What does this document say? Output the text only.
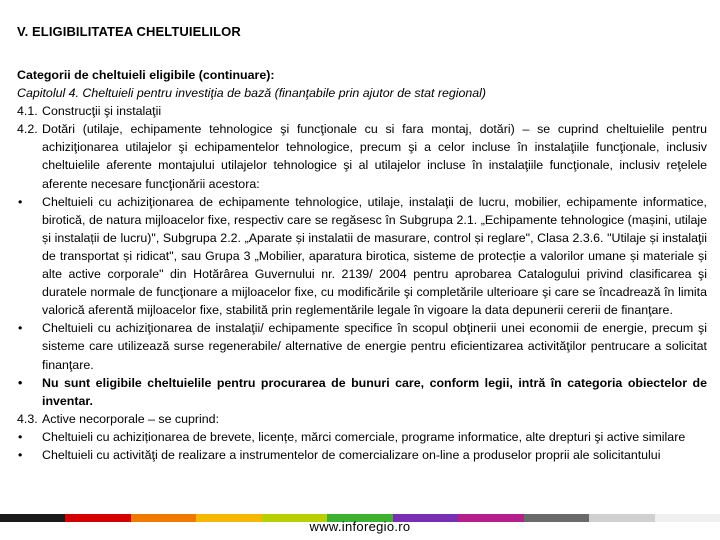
V. ELIGIBILITATEA CHELTUIELILOR
Categorii de cheltuieli eligibile (continuare):
Capitolul 4. Cheltuieli pentru investiţia de bază (finanţabile prin ajutor de stat regional)
4.1. Construcţii şi instalaţii
4.2. Dotări (utilaje, echipamente tehnologice şi funcţionale cu si fara montaj, dotări) – se cuprind cheltuielile pentru achiziţionarea utilajelor şi echipamentelor tehnologice, precum şi a celor incluse în instalaţiile funcţionale, inclusiv cheltuielile aferente montajului utilajelor tehnologice şi al utilajelor incluse în instalaţiile funcţionale, inclusiv reţelele aferente necesare funcţionării acestora:
•	Cheltuieli cu achiziţionarea de echipamente tehnologice, utilaje, instalaţii de lucru, mobilier, echipamente informatice, birotică, de natura mijloacelor fixe, respectiv care se regăsesc în Subgrupa 2.1. „Echipamente tehnologice (mașini, utilaje și instalații de lucru)", Subgrupa 2.2. „Aparate și instalatii de masurare, control și reglare", Clasa 2.3.6. "Utilaje și instalaţii de transportat și ridicat", sau Grupa 3 „Mobilier, aparatura birotica, sisteme de protecție a valorilor umane și materiale și alte active corporale" din Hotărârea Guvernului nr. 2139/ 2004 pentru aprobarea Catalogului privind clasificarea şi duratele normale de funcţionare a mijloacelor fixe, cu modificările şi completările ulterioare şi care se încadrează în limita valorică aferentă mijloacelor fixe, stabilită prin reglementările legale în vigoare la data depunerii cererii de finanţare.
•	Cheltuieli cu achiziţionarea de instalaţii/ echipamente specifice în scopul obţinerii unei economii de energie, precum şi sisteme care utilizează surse regenerabile/ alternative de energie pentru eficientizarea activităţilor pentrucare a solicitat finanţare.
•	Nu sunt eligibile cheltuielile pentru procurarea de bunuri care, conform legii, intră în categoria obiectelor de inventar.
4.3. Active necorporale – se cuprind:
•	Cheltuieli cu achiziționarea de brevete, licențe, mărci comerciale, programe informatice, alte drepturi şi active similare
•	Cheltuieli cu activităţi de realizare a instrumentelor de comercializare on-line a produselor proprii ale solicitantului
www.inforegio.ro
